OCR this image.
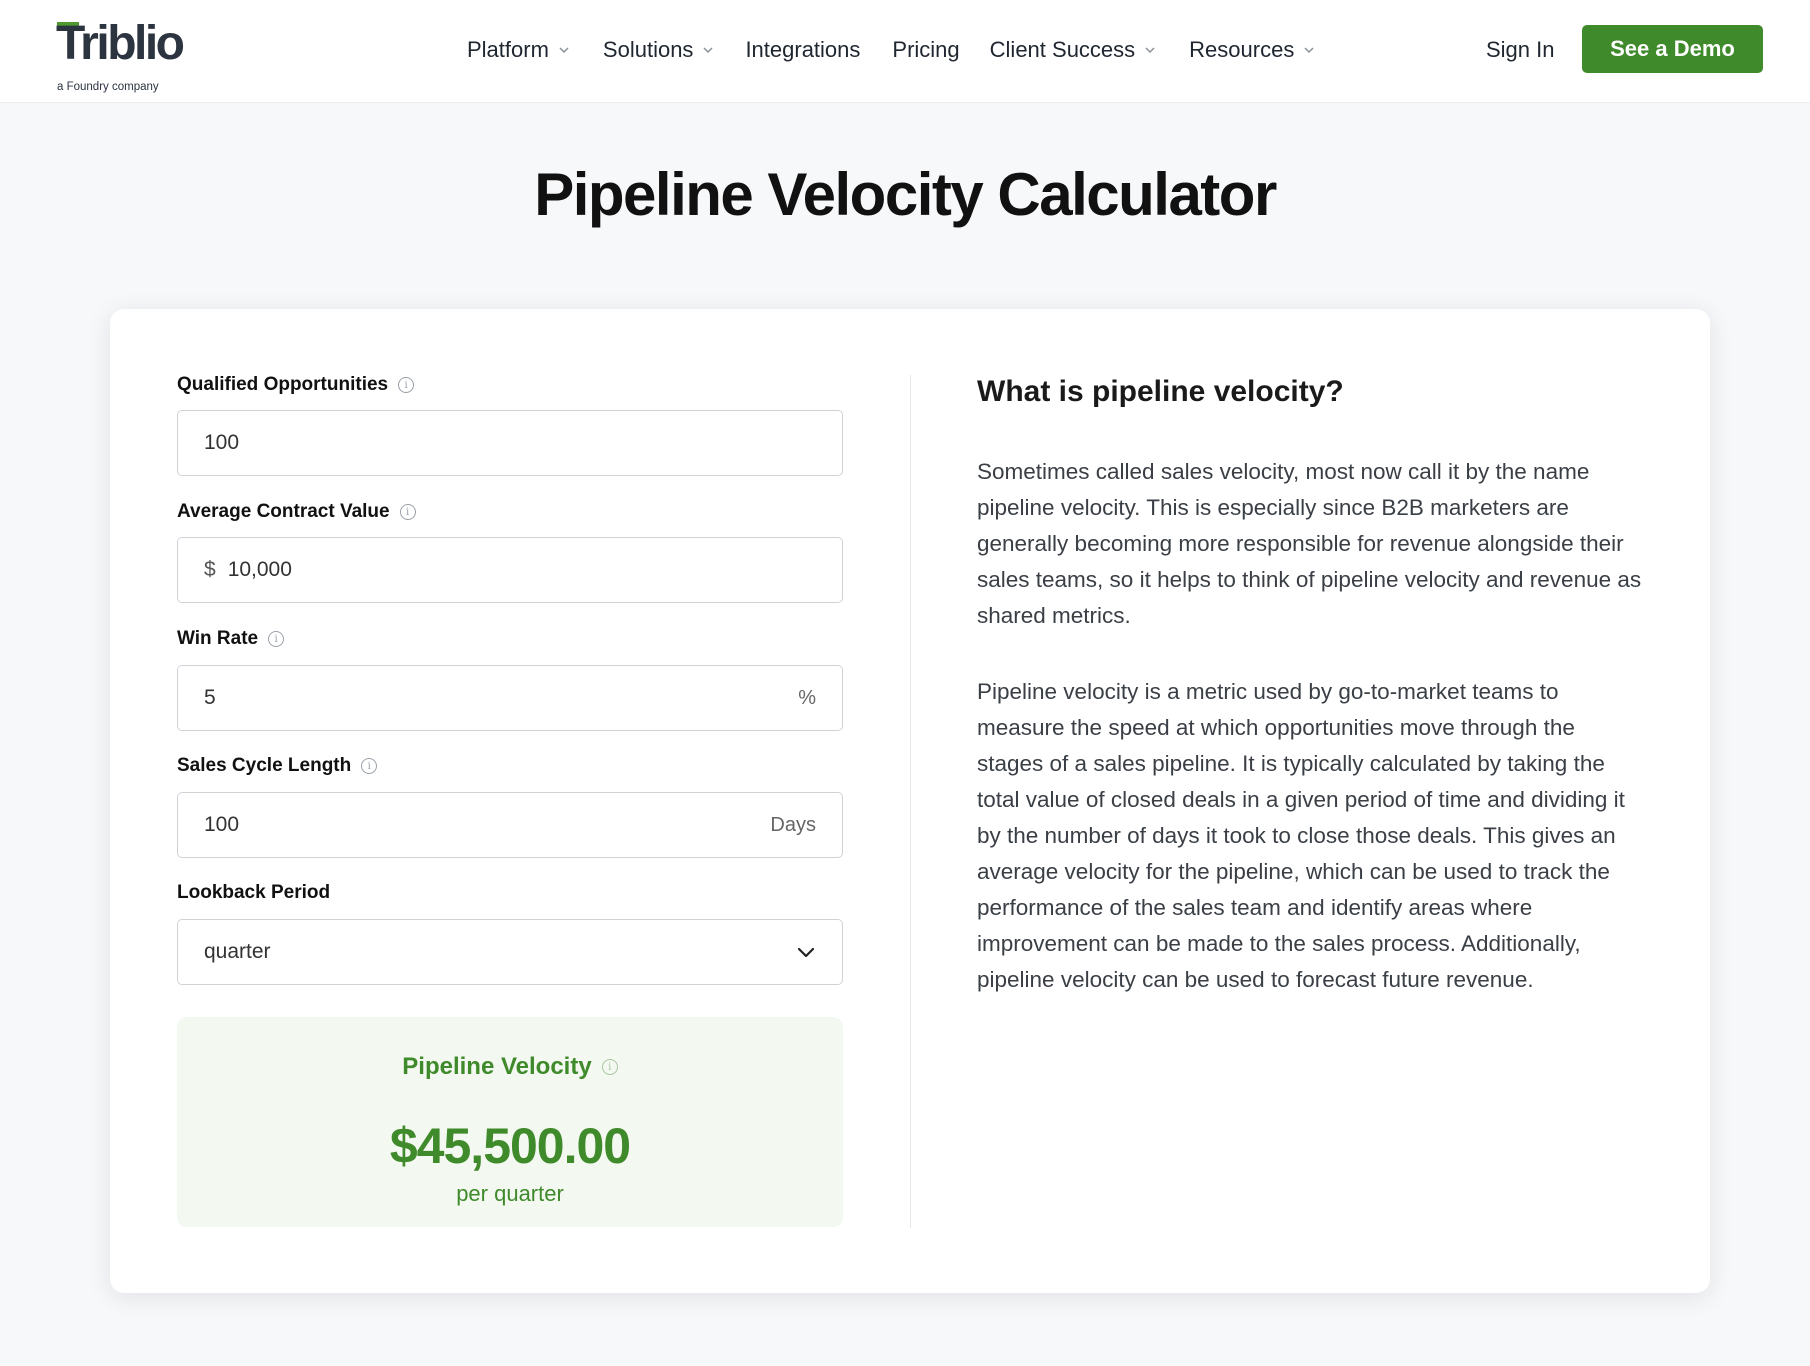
Triblio
a Foundry company
Platform Solutions Integrations Pricing Client Success Resources	Sign In	See a Demo
Pipeline Velocity Calculator
Qualified Opportunities	i
100
Average Contract Value	i
$ 10,000
Win Rate	i
5	%
Sales Cycle Length	i
100	Days
Lookback Period
quarter
Pipeline Velocity	i
$45,500.00
per quarter
What is pipeline velocity?

Sometimes called sales velocity, most now call it by the name pipeline velocity. This is especially since B2B marketers are generally becoming more responsible for revenue alongside their sales teams, so it helps to think of pipeline velocity and revenue as shared metrics.

Pipeline velocity is a metric used by go-to-market teams to measure the speed at which opportunities move through the stages of a sales pipeline. It is typically calculated by taking the total value of closed deals in a given period of time and dividing it by the number of days it took to close those deals. This gives an average velocity for the pipeline, which can be used to track the performance of the sales team and identify areas where improvement can be made to the sales process. Additionally, pipeline velocity can be used to forecast future revenue.
